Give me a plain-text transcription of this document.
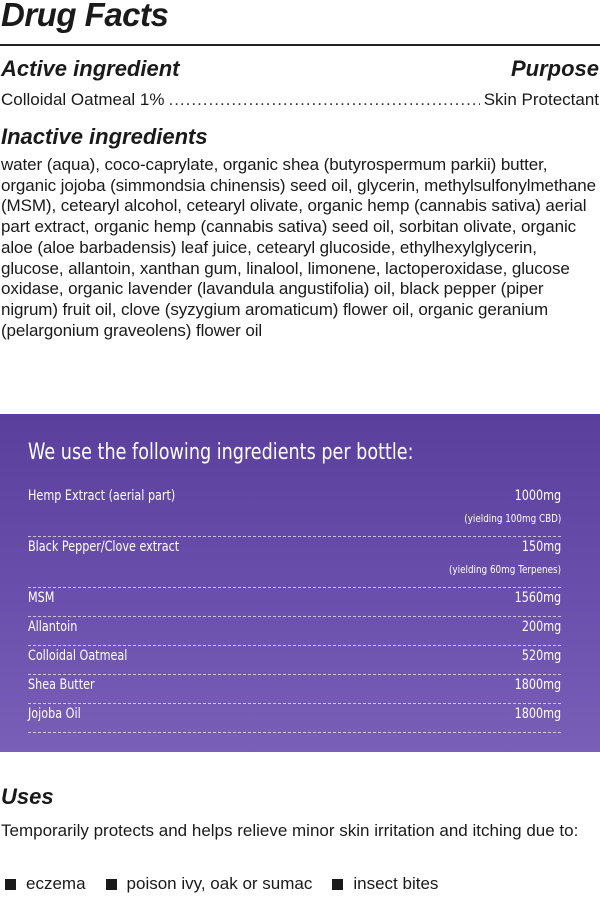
Drug Facts
Active ingredient	Purpose
Colloidal Oatmeal 1%
.....	Skin Protectant
Inactive ingredients
water (aqua), coco-caprylate, organic shea (butyrospermum parkii) butter, organic jojoba (simmondsia chinensis) seed oil, glycerin, methylsulfonylmethane (MSM), cetearyl alcohol, cetearyl olivate, organic hemp (cannabis sativa) aerial part extract, organic hemp (cannabis sativa) seed oil, sorbitan olivate, organic aloe (aloe barbadensis) leaf juice, cetearyl glucoside, ethylhexylglycerin, glucose, allantoin, xanthan gum, linalool, limonene, lactoperoxidase, glucose oxidase, organic lavender (lavandula angustifolia) oil, black pepper (piper nigrum) fruit oil, clove (syzygium aromaticum) flower oil, organic geranium (pelargonium graveolens) flower oil
We use the following ingredients per bottle:
Hemp Extract (aerial part)	1000mg
(yielding 100mg CBD)
Black Pepper/Clove extract	150mg
(yielding 60mg Terpenes)
MSM	1560mg
Allantoin	200mg
Colloidal Oatmeal	520mg
Shea Butter	1800mg
Jojoba Oil	1800mg
Uses
Temporarily protects and helps relieve minor skin irritation and itching due to:
eczema poison ivy, oak or sumac insect bites
